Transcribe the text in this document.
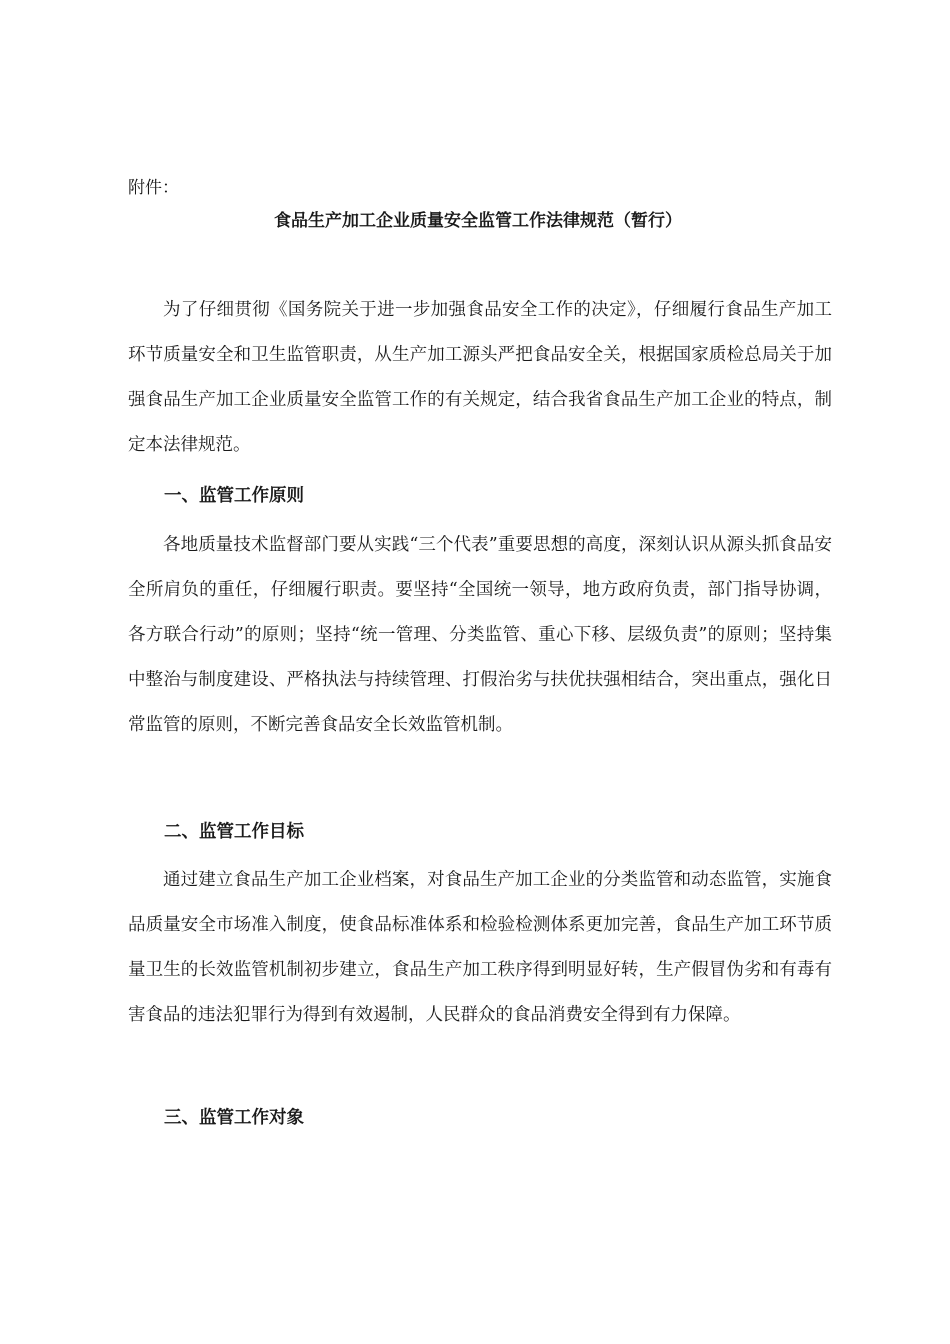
附件：
食品生产加工企业质量安全监管工作法律规范（暂行）

为了仔细贯彻《国务院关于进一步加强食品安全工作的决定》，仔细履行食品生产加工环节质量安全和卫生监管职责，从生产加工源头严把食品安全关，根据国家质检总局关于加强食品生产加工企业质量安全监管工作的有关规定，结合我省食品生产加工企业的特点，制定本法律规范。

一、监管工作原则

各地质量技术监督部门要从实践“三个代表”重要思想的高度，深刻认识从源头抓食品安全所肩负的重任，仔细履行职责。要坚持“全国统一领导，地方政府负责，部门指导协调，各方联合行动”的原则；坚持“统一管理、分类监管、重心下移、层级负责”的原则；坚持集中整治与制度建设、严格执法与持续管理、打假治劣与扶优扶强相结合，突出重点，强化日常监管的原则，不断完善食品安全长效监管机制。

二、监管工作目标

通过建立食品生产加工企业档案，对食品生产加工企业的分类监管和动态监管，实施食品质量安全市场准入制度，使食品标准体系和检验检测体系更加完善，食品生产加工环节质量卫生的长效监管机制初步建立，食品生产加工秩序得到明显好转，生产假冒伪劣和有毒有害食品的违法犯罪行为得到有效遏制，人民群众的食品消费安全得到有力保障。

三、监管工作对象
